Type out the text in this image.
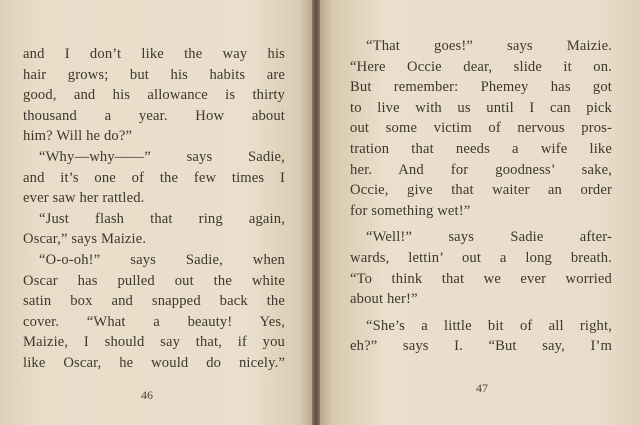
and I don’t like the way his
hair grows; but his habits are
good, and his allowance is thirty
thousand a year. How about
him? Will he do?”
“Why—why——” says Sadie,
and it’s one of the few times I
ever saw her rattled.
“Just flash that ring again,
Oscar,” says Maizie.
“O-o-oh!” says Sadie, when
Oscar has pulled out the white
satin box and snapped back the
cover. “What a beauty! Yes,
Maizie, I should say that, if you
like Oscar, he would do nicely.”
“That goes!” says Maizie.
“Here Occie dear, slide it on.
But remember: Phemey has got
to live with us until I can pick
out some victim of nervous pros-
tration that needs a wife like
her. And for goodness’ sake,
Occie, give that waiter an order
for something wet!”
“Well!” says Sadie after-
wards, lettin’ out a long breath.
“To think that we ever worried
about her!”
“She’s a little bit of all right,
eh?” says I. “But say, I’m
46	47
